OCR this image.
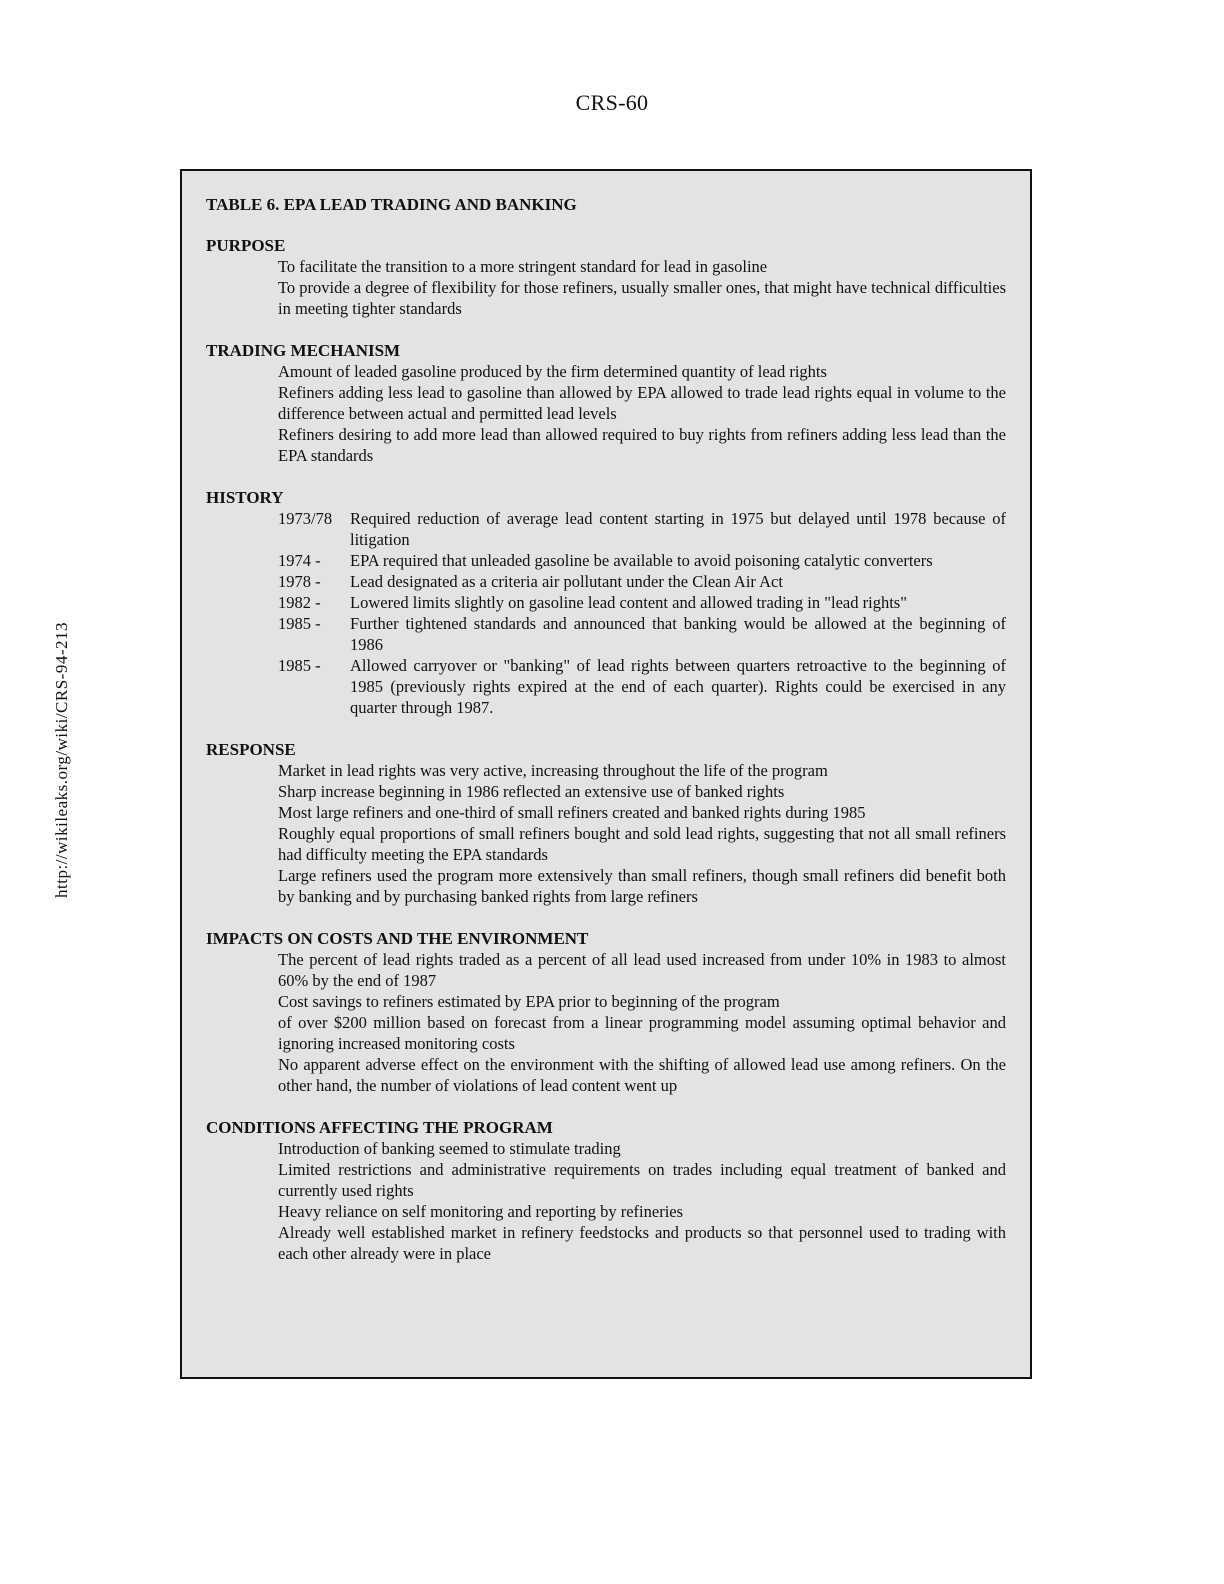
CRS-60
http://wikileaks.org/wiki/CRS-94-213
TABLE 6. EPA LEAD TRADING AND BANKING
PURPOSE
To facilitate the transition to a more stringent standard for lead in gasoline
To provide a degree of flexibility for those refiners, usually smaller ones, that might have technical difficulties in meeting tighter standards
TRADING MECHANISM
Amount of leaded gasoline produced by the firm determined quantity of lead rights
Refiners adding less lead to gasoline than allowed by EPA allowed to trade lead rights equal in volume to the difference between actual and permitted lead levels
Refiners desiring to add more lead than allowed required to buy rights from refiners adding less lead than the EPA standards
HISTORY
1973/78	Required reduction of average lead content starting in 1975 but delayed until 1978 because of litigation
1974 -	EPA required that unleaded gasoline be available to avoid poisoning catalytic converters
1978 -	Lead designated as a criteria air pollutant under the Clean Air Act
1982 -	Lowered limits slightly on gasoline lead content and allowed trading in "lead rights"
1985 -	Further tightened standards and announced that banking would be allowed at the beginning of 1986
1985 -	Allowed carryover or "banking" of lead rights between quarters retroactive to the beginning of 1985 (previously rights expired at the end of each quarter). Rights could be exercised in any quarter through 1987.
RESPONSE
Market in lead rights was very active, increasing throughout the life of the program
Sharp increase beginning in 1986 reflected an extensive use of banked rights
Most large refiners and one-third of small refiners created and banked rights during 1985
Roughly equal proportions of small refiners bought and sold lead rights, suggesting that not all small refiners had difficulty meeting the EPA standards
Large refiners used the program more extensively than small refiners, though small refiners did benefit both by banking and by purchasing banked rights from large refiners
IMPACTS ON COSTS AND THE ENVIRONMENT
The percent of lead rights traded as a percent of all lead used increased from under 10% in 1983 to almost 60% by the end of 1987
Cost savings to refiners estimated by EPA prior to beginning of the program
of over $200 million based on forecast from a linear programming model assuming optimal behavior and ignoring increased monitoring costs
No apparent adverse effect on the environment with the shifting of allowed lead use among refiners. On the other hand, the number of violations of lead content went up
CONDITIONS AFFECTING THE PROGRAM
Introduction of banking seemed to stimulate trading
Limited restrictions and administrative requirements on trades including equal treatment of banked and currently used rights
Heavy reliance on self monitoring and reporting by refineries
Already well established market in refinery feedstocks and products so that personnel used to trading with each other already were in place
